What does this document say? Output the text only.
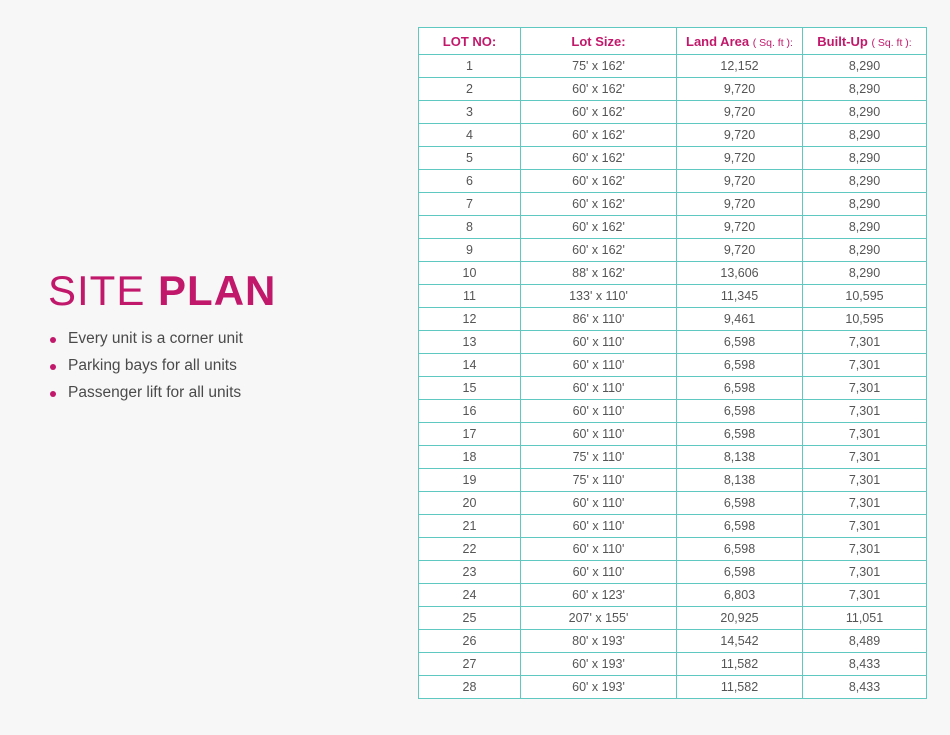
SITE PLAN
Every unit is a corner unit
Parking bays for all units
Passenger lift for all units
LOT NO:	Lot Size:	Land Area ( Sq. ft ):	Built-Up ( Sq. ft ):
1	75' x 162'	12,152	8,290
2	60' x 162'	9,720	8,290
3	60' x 162'	9,720	8,290
4	60' x 162'	9,720	8,290
5	60' x 162'	9,720	8,290
6	60' x 162'	9,720	8,290
7	60' x 162'	9,720	8,290
8	60' x 162'	9,720	8,290
9	60' x 162'	9,720	8,290
10	88' x 162'	13,606	8,290
11	133' x 110'	11,345	10,595
12	86' x 110'	9,461	10,595
13	60' x 110'	6,598	7,301
14	60' x 110'	6,598	7,301
15	60' x 110'	6,598	7,301
16	60' x 110'	6,598	7,301
17	60' x 110'	6,598	7,301
18	75' x 110'	8,138	7,301
19	75' x 110'	8,138	7,301
20	60' x 110'	6,598	7,301
21	60' x 110'	6,598	7,301
22	60' x 110'	6,598	7,301
23	60' x 110'	6,598	7,301
24	60' x 123'	6,803	7,301
25	207' x 155'	20,925	11,051
26	80' x 193'	14,542	8,489
27	60' x 193'	11,582	8,433
28	60' x 193'	11,582	8,433
